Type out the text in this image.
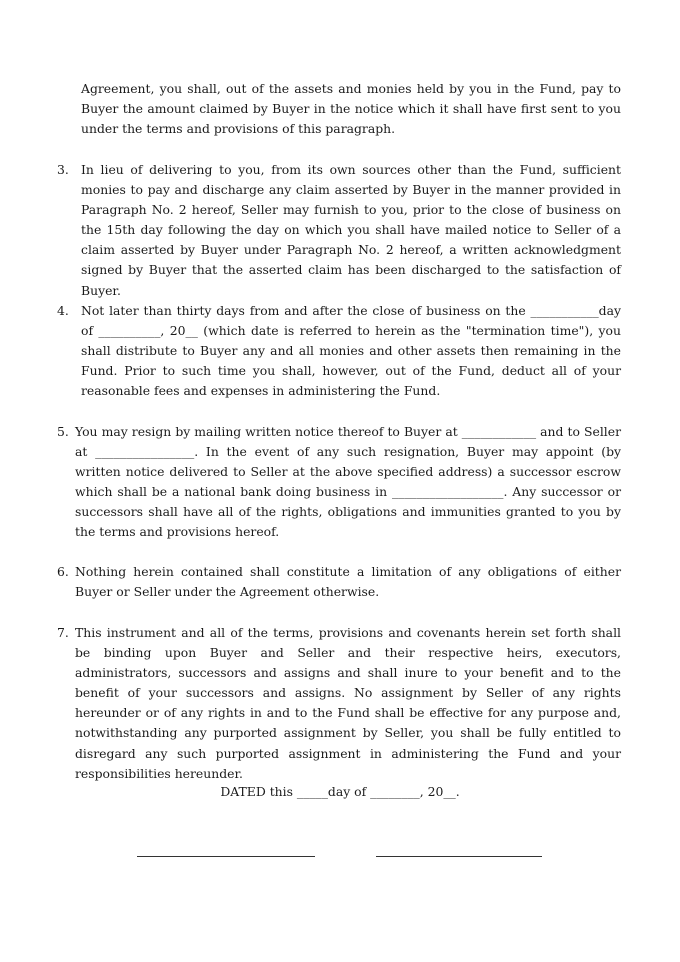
Agreement, you shall, out of the assets and monies held by you in the Fund, pay to Buyer the amount claimed by Buyer in the notice which it shall have first sent to you under the terms and provisions of this paragraph.
3. In lieu of delivering to you, from its own sources other than the Fund, sufficient monies to pay and discharge any claim asserted by Buyer in the manner provided in Paragraph No. 2 hereof, Seller may furnish to you, prior to the close of business on the 15th day following the day on which you shall have mailed notice to Seller of a claim asserted by Buyer under Paragraph No. 2 hereof, a written acknowledgment signed by Buyer that the asserted claim has been discharged to the satisfaction of Buyer.
4. Not later than thirty days from and after the close of business on the ___________day of __________, 20__ (which date is referred to herein as the "termination time"), you shall distribute to Buyer any and all monies and other assets then remaining in the Fund. Prior to such time you shall, however, out of the Fund, deduct all of your reasonable fees and expenses in administering the Fund.
5. You may resign by mailing written notice thereof to Buyer at ____________ and to Seller at ________________. In the event of any such resignation, Buyer may appoint (by written notice delivered to Seller at the above specified address) a successor escrow which shall be a national bank doing business in __________________. Any successor or successors shall have all of the rights, obligations and immunities granted to you by the terms and provisions hereof.
6. Nothing herein contained shall constitute a limitation of any obligations of either Buyer or Seller under the Agreement otherwise.
7. This instrument and all of the terms, provisions and covenants herein set forth shall be binding upon Buyer and Seller and their respective heirs, executors, administrators, successors and assigns and shall inure to your benefit and to the benefit of your successors and assigns. No assignment by Seller of any rights hereunder or of any rights in and to the Fund shall be effective for any purpose and, notwithstanding any purported assignment by Seller, you shall be fully entitled to disregard any such purported assignment in administering the Fund and your responsibilities hereunder.
DATED this _____day of ________, 20__.
